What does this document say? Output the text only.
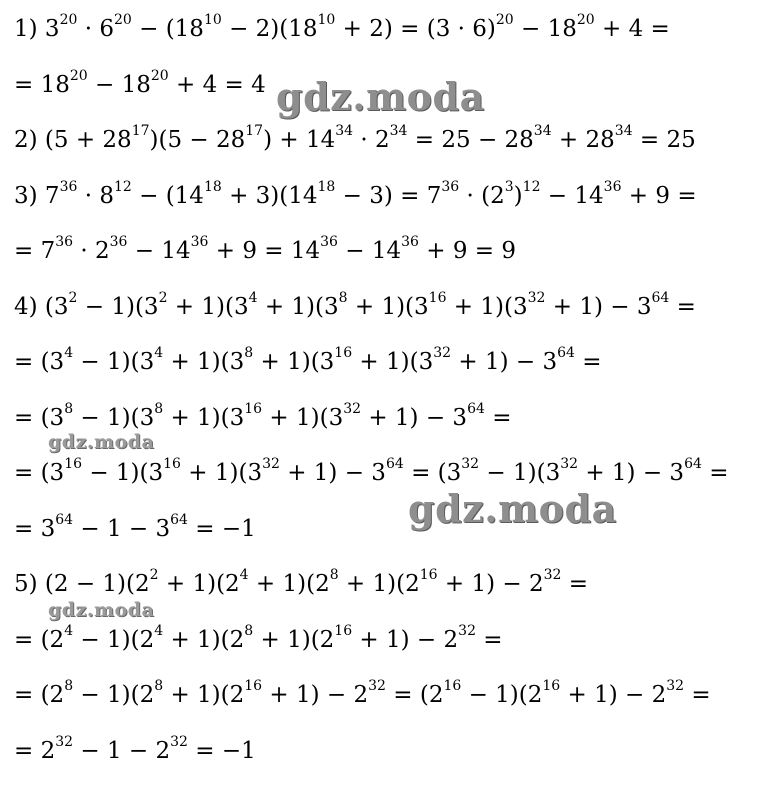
1) $3^{20} \cdot 6^{20} - (18^{10} - 2)(18^{10} + 2) = (3 \cdot 6)^{20} - 18^{20} + 4$ =
= $18^{20} - 18^{20} + 4 = 4$
2) $(5 + 28^{17})(5 - 28^{17}) + 14^{34} \cdot 2^{34} = 25 - 28^{34} + 28^{34} = 25$
3) $7^{36} \cdot 8^{12} - (14^{18} + 3)(14^{18} - 3) = 7^{36} \cdot (2^3)^{12} - 14^{36} + 9$ =
= $7^{36} \cdot 2^{36} - 14^{36} + 9 = 14^{36} - 14^{36} + 9 = 9$
4) $(3^2 - 1)(3^2 + 1)(3^4 + 1)(3^8 + 1)(3^{16} + 1)(3^{32} + 1) - 3^{64}$ =
= $(3^4 - 1)(3^4 + 1)(3^8 + 1)(3^{16} + 1)(3^{32} + 1) - 3^{64}$ =
= $(3^8 - 1)(3^8 + 1)(3^{16} + 1)(3^{32} + 1) - 3^{64}$ =
= $(3^{16} - 1)(3^{16} + 1)(3^{32} + 1) - 3^{64} = (3^{32} - 1)(3^{32} + 1) - 3^{64}$ =
= $3^{64} - 1 - 3^{64} = -1$
5) $(2 - 1)(2^2 + 1)(2^4 + 1)(2^8 + 1)(2^{16} + 1) - 2^{32}$ =
= $(2^4 - 1)(2^4 + 1)(2^8 + 1)(2^{16} + 1) - 2^{32}$ =
= $(2^8 - 1)(2^8 + 1)(2^{16} + 1) - 2^{32} = (2^{16} - 1)(2^{16} + 1) - 2^{32}$ =
= $2^{32} - 1 - 2^{32} = -1$
gdz.moda
gdz.moda
gdz.moda
gdz.moda
